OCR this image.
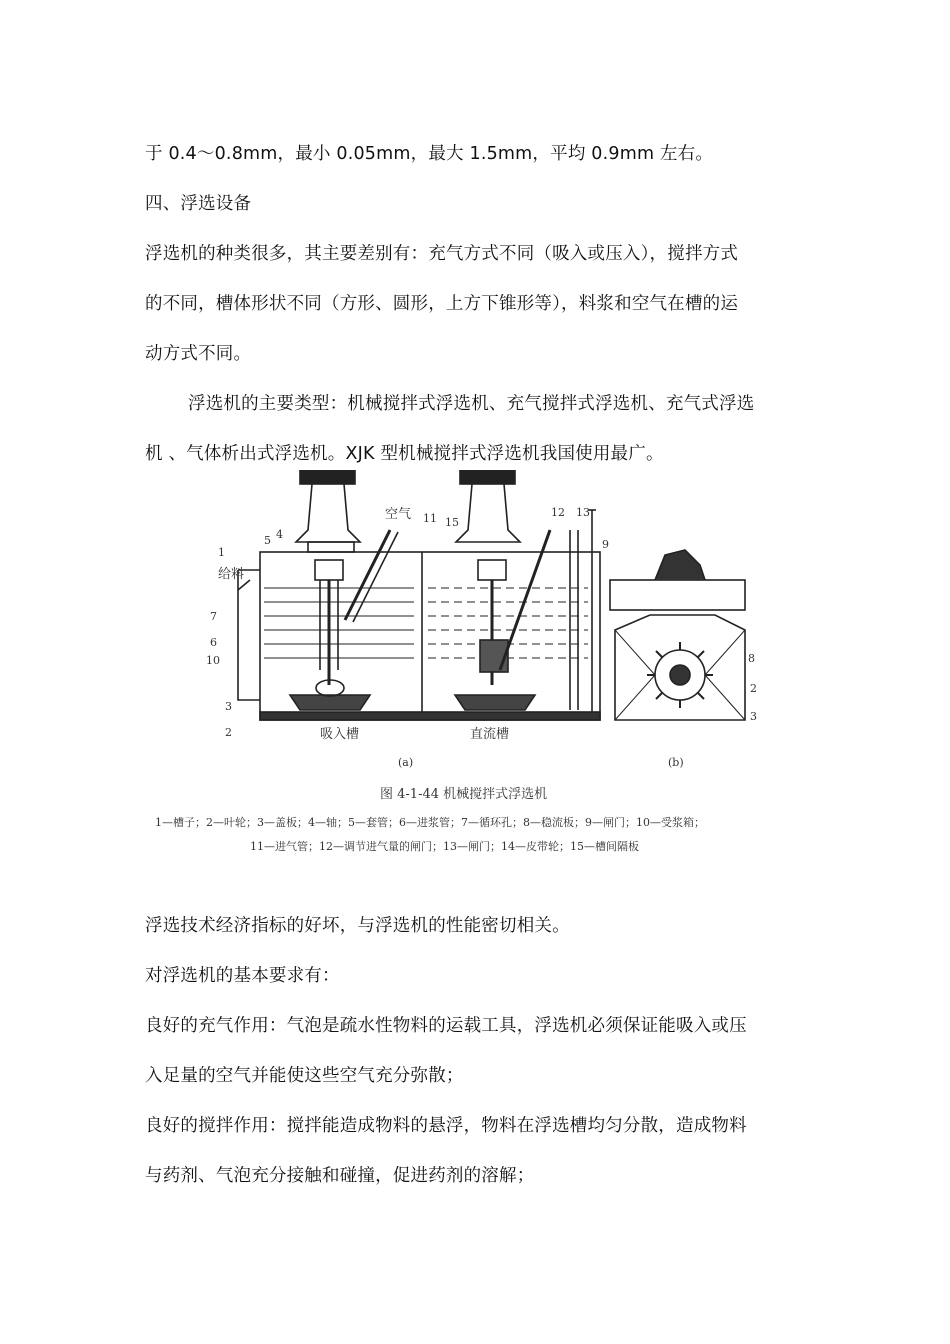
于 0.4～0.8mm，最小 0.05mm，最大 1.5mm，平均 0.9mm 左右。
四、浮选设备
浮选机的种类很多，其主要差别有：充气方式不同（吸入或压入），搅拌方式
的不同，槽体形状不同（方形、圆形，上方下锥形等），料浆和空气在槽的运
动方式不同。
浮选机的主要类型：机械搅拌式浮选机、充气搅拌式浮选机、充气式浮选
机 、气体析出式浮选机。XJK 型机械搅拌式浮选机我国使用最广。
空气
给料
吸入槽	直流槽
(a)	(b)
1
2
3
4
5
6
7
10
11 15
12 13
9
8
2
3
图 4-1-44 机械搅拌式浮选机
1—槽子；2—叶轮；3—盖板；4—轴；5—套管；6—进浆管；7—循环孔；8—稳流板；9—闸门；10—受浆箱；
11—进气管；12—调节进气量的闸门；13—闸门；14—皮带轮；15—槽间隔板
浮选技术经济指标的好坏，与浮选机的性能密切相关。
对浮选机的基本要求有：
良好的充气作用：气泡是疏水性物料的运载工具，浮选机必须保证能吸入或压
入足量的空气并能使这些空气充分弥散；
良好的搅拌作用：搅拌能造成物料的悬浮，物料在浮选槽均匀分散，造成物料
与药剂、气泡充分接触和碰撞，促进药剂的溶解；
